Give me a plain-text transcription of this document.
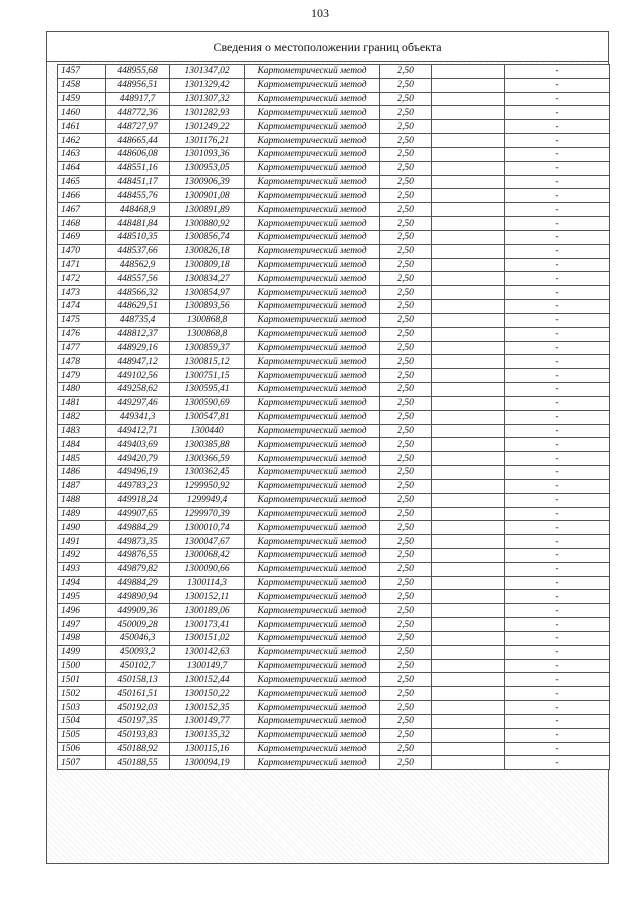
103
Сведения о местоположении границ объекта
1457	448955,68	1301347,02	Картометрический метод	2,50		-
1458	448956,51	1301329,42	Картометрический метод	2,50		-
1459	448917,7	1301307,32	Картометрический метод	2,50		-
1460	448772,36	1301282,93	Картометрический метод	2,50		-
1461	448727,97	1301249,22	Картометрический метод	2,50		-
1462	448665,44	1301176,21	Картометрический метод	2,50		-
1463	448606,08	1301093,36	Картометрический метод	2,50		-
1464	448551,16	1300953,05	Картометрический метод	2,50		-
1465	448451,17	1300906,39	Картометрический метод	2,50		-
1466	448455,76	1300901,08	Картометрический метод	2,50		-
1467	448468,9	1300891,89	Картометрический метод	2,50		-
1468	448481,84	1300880,92	Картометрический метод	2,50		-
1469	448510,35	1300856,74	Картометрический метод	2,50		-
1470	448537,66	1300826,18	Картометрический метод	2,50		-
1471	448562,9	1300809,18	Картометрический метод	2,50		-
1472	448557,56	1300834,27	Картометрический метод	2,50		-
1473	448566,32	1300854,97	Картометрический метод	2,50		-
1474	448629,51	1300893,56	Картометрический метод	2,50		-
1475	448735,4	1300868,8	Картометрический метод	2,50		-
1476	448812,37	1300868,8	Картометрический метод	2,50		-
1477	448929,16	1300859,37	Картометрический метод	2,50		-
1478	448947,12	1300815,12	Картометрический метод	2,50		-
1479	449102,56	1300751,15	Картометрический метод	2,50		-
1480	449258,62	1300595,41	Картометрический метод	2,50		-
1481	449297,46	1300590,69	Картометрический метод	2,50		-
1482	449341,3	1300547,81	Картометрический метод	2,50		-
1483	449412,71	1300440	Картометрический метод	2,50		-
1484	449403,69	1300385,88	Картометрический метод	2,50		-
1485	449420,79	1300366,59	Картометрический метод	2,50		-
1486	449496,19	1300362,45	Картометрический метод	2,50		-
1487	449783,23	1299950,92	Картометрический метод	2,50		-
1488	449918,24	1299949,4	Картометрический метод	2,50		-
1489	449907,65	1299970,39	Картометрический метод	2,50		-
1490	449884,29	1300010,74	Картометрический метод	2,50		-
1491	449873,35	1300047,67	Картометрический метод	2,50		-
1492	449876,55	1300068,42	Картометрический метод	2,50		-
1493	449879,82	1300090,66	Картометрический метод	2,50		-
1494	449884,29	1300114,3	Картометрический метод	2,50		-
1495	449890,94	1300152,11	Картометрический метод	2,50		-
1496	449909,36	1300189,06	Картометрический метод	2,50		-
1497	450009,28	1300173,41	Картометрический метод	2,50		-
1498	450046,3	1300151,02	Картометрический метод	2,50		-
1499	450093,2	1300142,63	Картометрический метод	2,50		-
1500	450102,7	1300149,7	Картометрический метод	2,50		-
1501	450158,13	1300152,44	Картометрический метод	2,50		-
1502	450161,51	1300150,22	Картометрический метод	2,50		-
1503	450192,03	1300152,35	Картометрический метод	2,50		-
1504	450197,35	1300149,77	Картометрический метод	2,50		-
1505	450193,83	1300135,32	Картометрический метод	2,50		-
1506	450188,92	1300115,16	Картометрический метод	2,50		-
1507	450188,55	1300094,19	Картометрический метод	2,50		-
